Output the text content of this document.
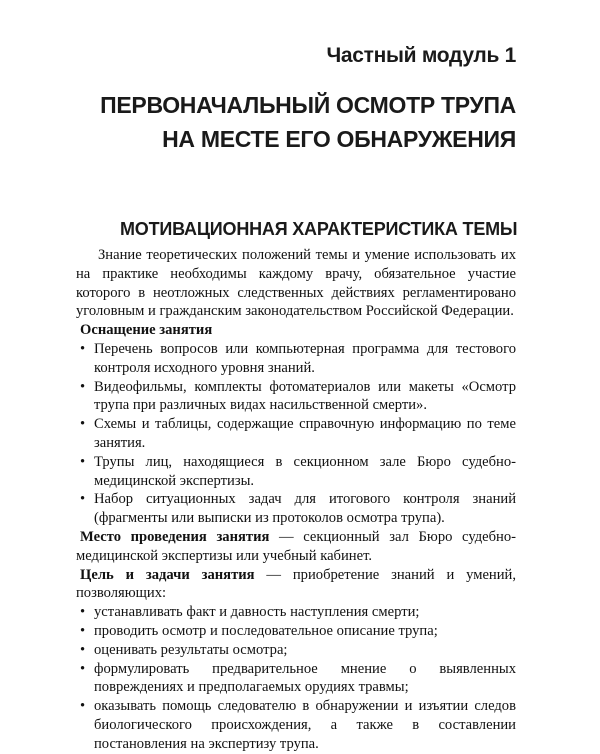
Частный модуль 1
ПЕРВОНАЧАЛЬНЫЙ ОСМОТР ТРУПА
НА МЕСТЕ ЕГО ОБНАРУЖЕНИЯ
МОТИВАЦИОННАЯ ХАРАКТЕРИСТИКА ТЕМЫ

Знание теоретических положений темы и умение использовать их на практике необходимы каждому врачу, обязательное участие которого в неотложных следственных действиях регламентировано уголовным и гражданским законодательством Российской Федерации.

Оснащение занятия

• Перечень вопросов или компьютерная программа для тестового контроля исходного уровня знаний.
• Видеофильмы, комплекты фотоматериалов или макеты «Осмотр трупа при различных видах насильственной смерти».
• Схемы и таблицы, содержащие справочную информацию по теме занятия.
• Трупы лиц, находящиеся в секционном зале Бюро судебно-медицинской экспертизы.
• Набор ситуационных задач для итогового контроля знаний (фрагменты или выписки из протоколов осмотра трупа).

Место проведения занятия — секционный зал Бюро судебно-медицинской экспертизы или учебный кабинет.

Цель и задачи занятия — приобретение знаний и умений, позволяющих:

• устанавливать факт и давность наступления смерти;
• проводить осмотр и последовательное описание трупа;
• оценивать результаты осмотра;
• формулировать предварительное мнение о выявленных повреждениях и предполагаемых орудиях травмы;
• оказывать помощь следователю в обнаружении и изъятии следов биологического происхождения, а также в составлении постановления на экспертизу трупа.
